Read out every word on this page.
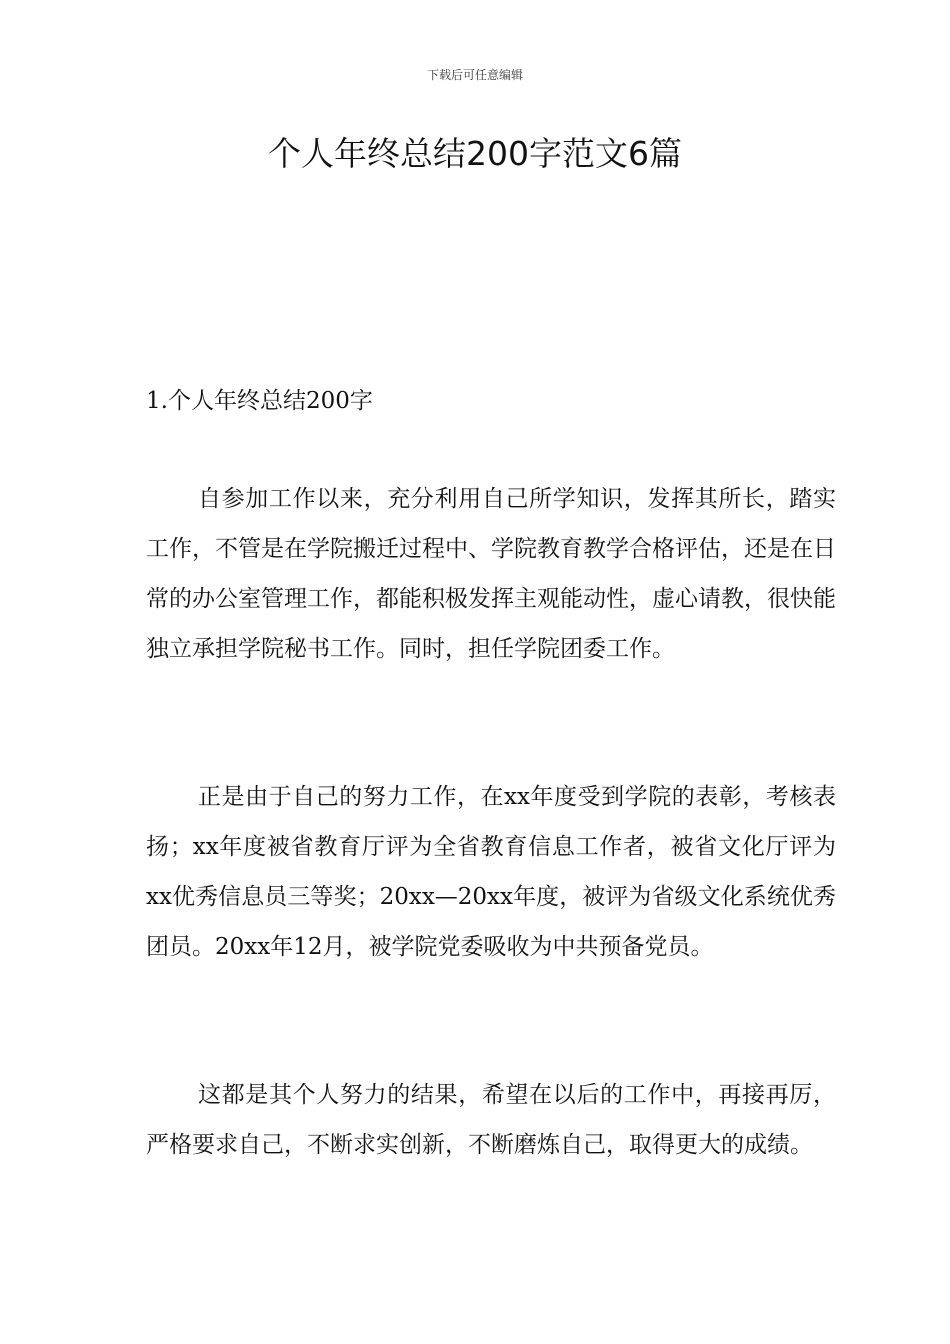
下载后可任意编辑
个人年终总结200字范文6篇
1.个人年终总结200字

自参加工作以来，充分利用自己所学知识，发挥其所长，踏实工作，不管是在学院搬迁过程中、学院教育教学合格评估，还是在日常的办公室管理工作，都能积极发挥主观能动性，虚心请教，很快能独立承担学院秘书工作。同时，担任学院团委工作。

正是由于自己的努力工作，在xx年度受到学院的表彰，考核表扬；xx年度被省教育厅评为全省教育信息工作者，被省文化厅评为xx优秀信息员三等奖；20xx—20xx年度，被评为省级文化系统优秀团员。20xx年12月，被学院党委吸收为中共预备党员。

这都是其个人努力的结果，希望在以后的工作中，再接再厉，严格要求自己，不断求实创新，不断磨炼自己，取得更大的成绩。
